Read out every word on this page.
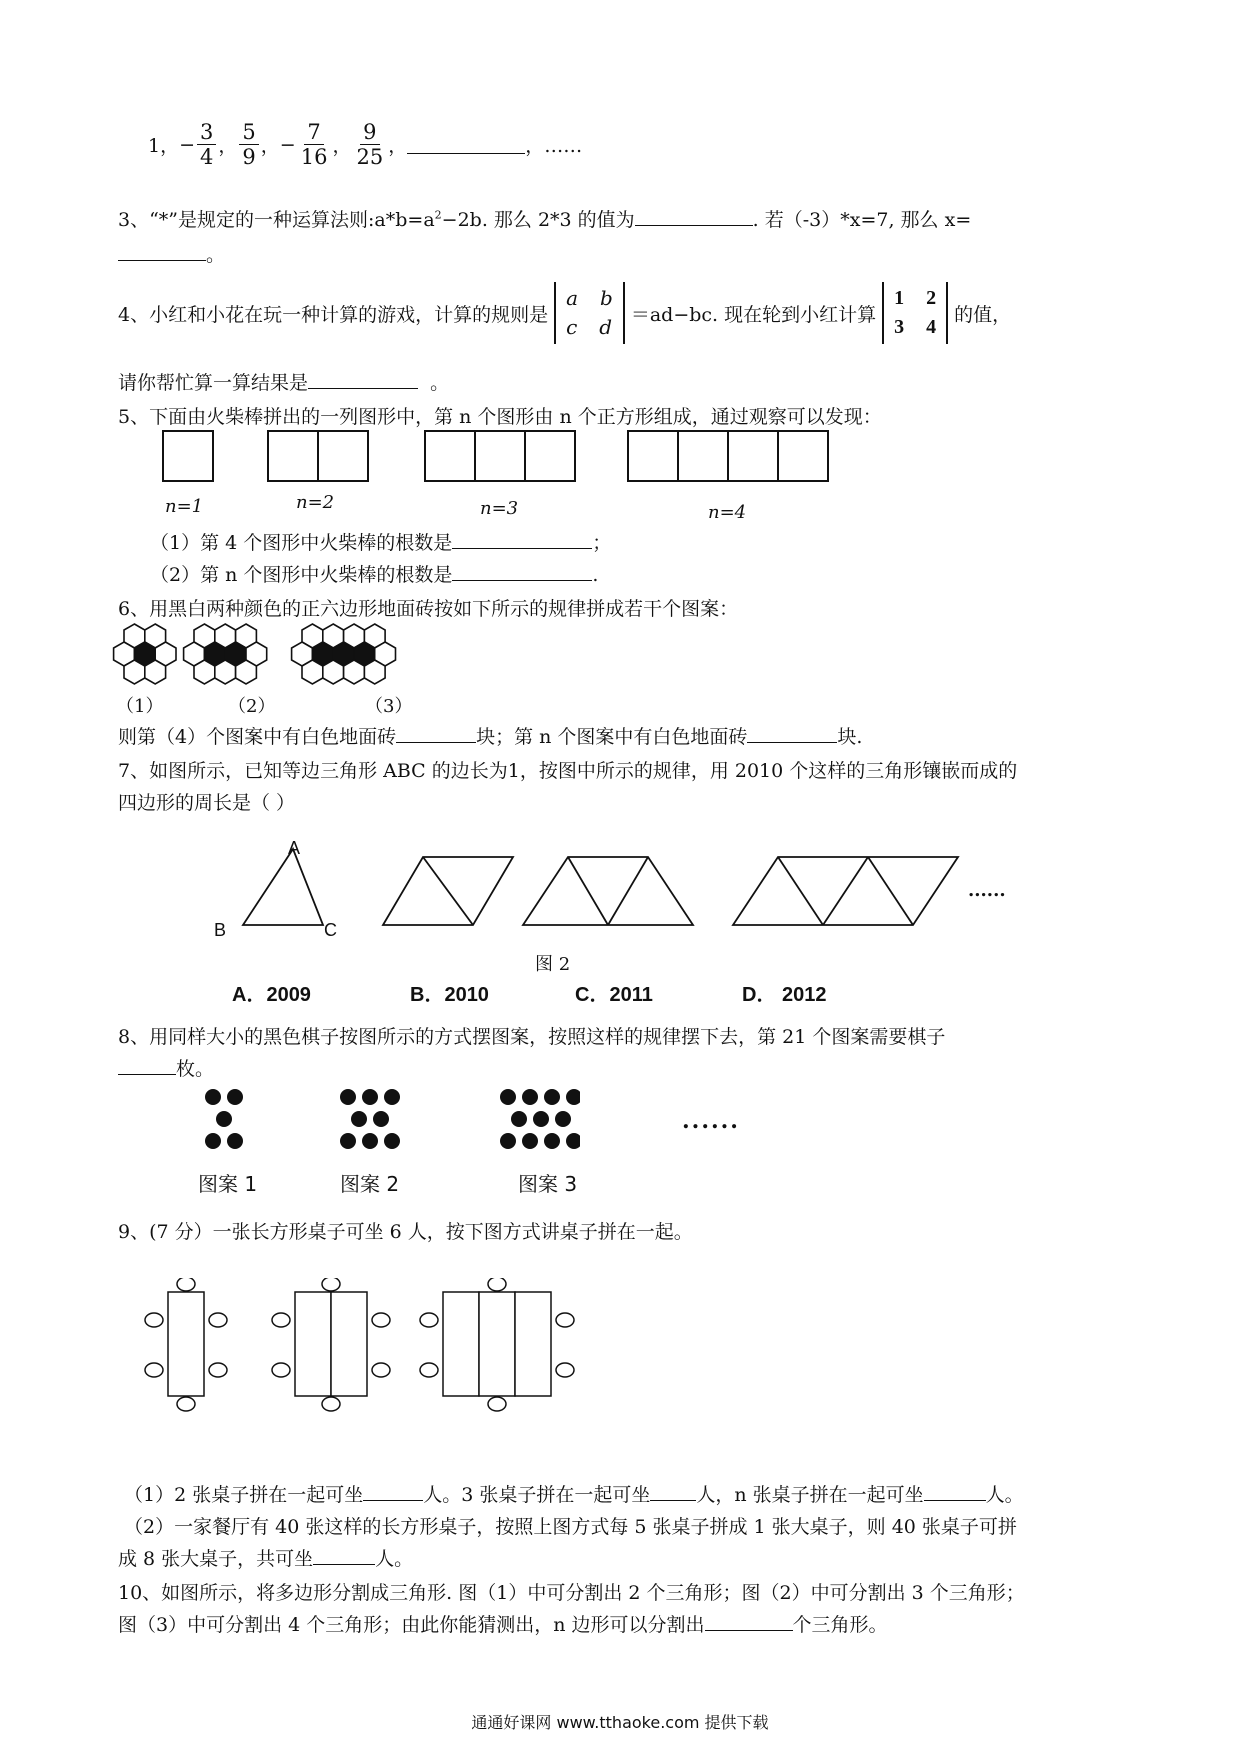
1， − $\frac{3}{4}$ ， $\frac{5}{9}$ ， − $\frac{7}{16}$ ， $\frac{9}{25}$ ，	，……
3、“*”是规定的一种运算法则$:a*b=a^2-2b$. 那么 2*3 的值为	. 若（-3）*x=7, 那么 x=
。
4、小红和小花在玩一种计算的游戏，计算的规则是
a b
c d
＝ad−bc. 现在轮到小红计算
1 2
3 4
的值，
请你帮忙算一算结果是	。
5、下面由火柴棒拼出的一列图形中，第 n 个图形由 n 个正方形组成，通过观察可以发现：
n=1	n=2	n=3	n=4
（1）第 4 个图形中火柴棒的根数是	；
（2）第 n 个图形中火柴棒的根数是	.
6、用黑白两种颜色的正六边形地面砖按如下所示的规律拼成若干个图案：
（1）	（2）	（3）
则第（4）个图案中有白色地面砖	块；第 n 个图案中有白色地面砖	块.
7、如图所示，已知等边三角形 ABC 的边长为1，按图中所示的规律，用 2010 个这样的三角形镶嵌而成的
四边形的周长是（ ）
A
B	C
......
图 2
A．2009	B．2010	C．2011	D． 2012
8、用同样大小的黑色棋子按图所示的方式摆图案，按照这样的规律摆下去，第 21 个图案需要棋子
枚。
......
图案 1	图案 2	图案 3
9、(7 分）一张长方形桌子可坐 6 人，按下图方式讲桌子拼在一起。
（1）2 张桌子拼在一起可坐	人。3 张桌子拼在一起可坐 人，n 张桌子拼在一起可坐	人。
（2）一家餐厅有 40 张这样的长方形桌子，按照上图方式每 5 张桌子拼成 1 张大桌子，则 40 张桌子可拼
成 8 张大桌子，共可坐	人。
10、如图所示，将多边形分割成三角形. 图（1）中可分割出 2 个三角形；图（2）中可分割出 3 个三角形；
图（3）中可分割出 4 个三角形；由此你能猜测出，n 边形可以分割出	个三角形。
通通好课网 www.tthaoke.com 提供下载
